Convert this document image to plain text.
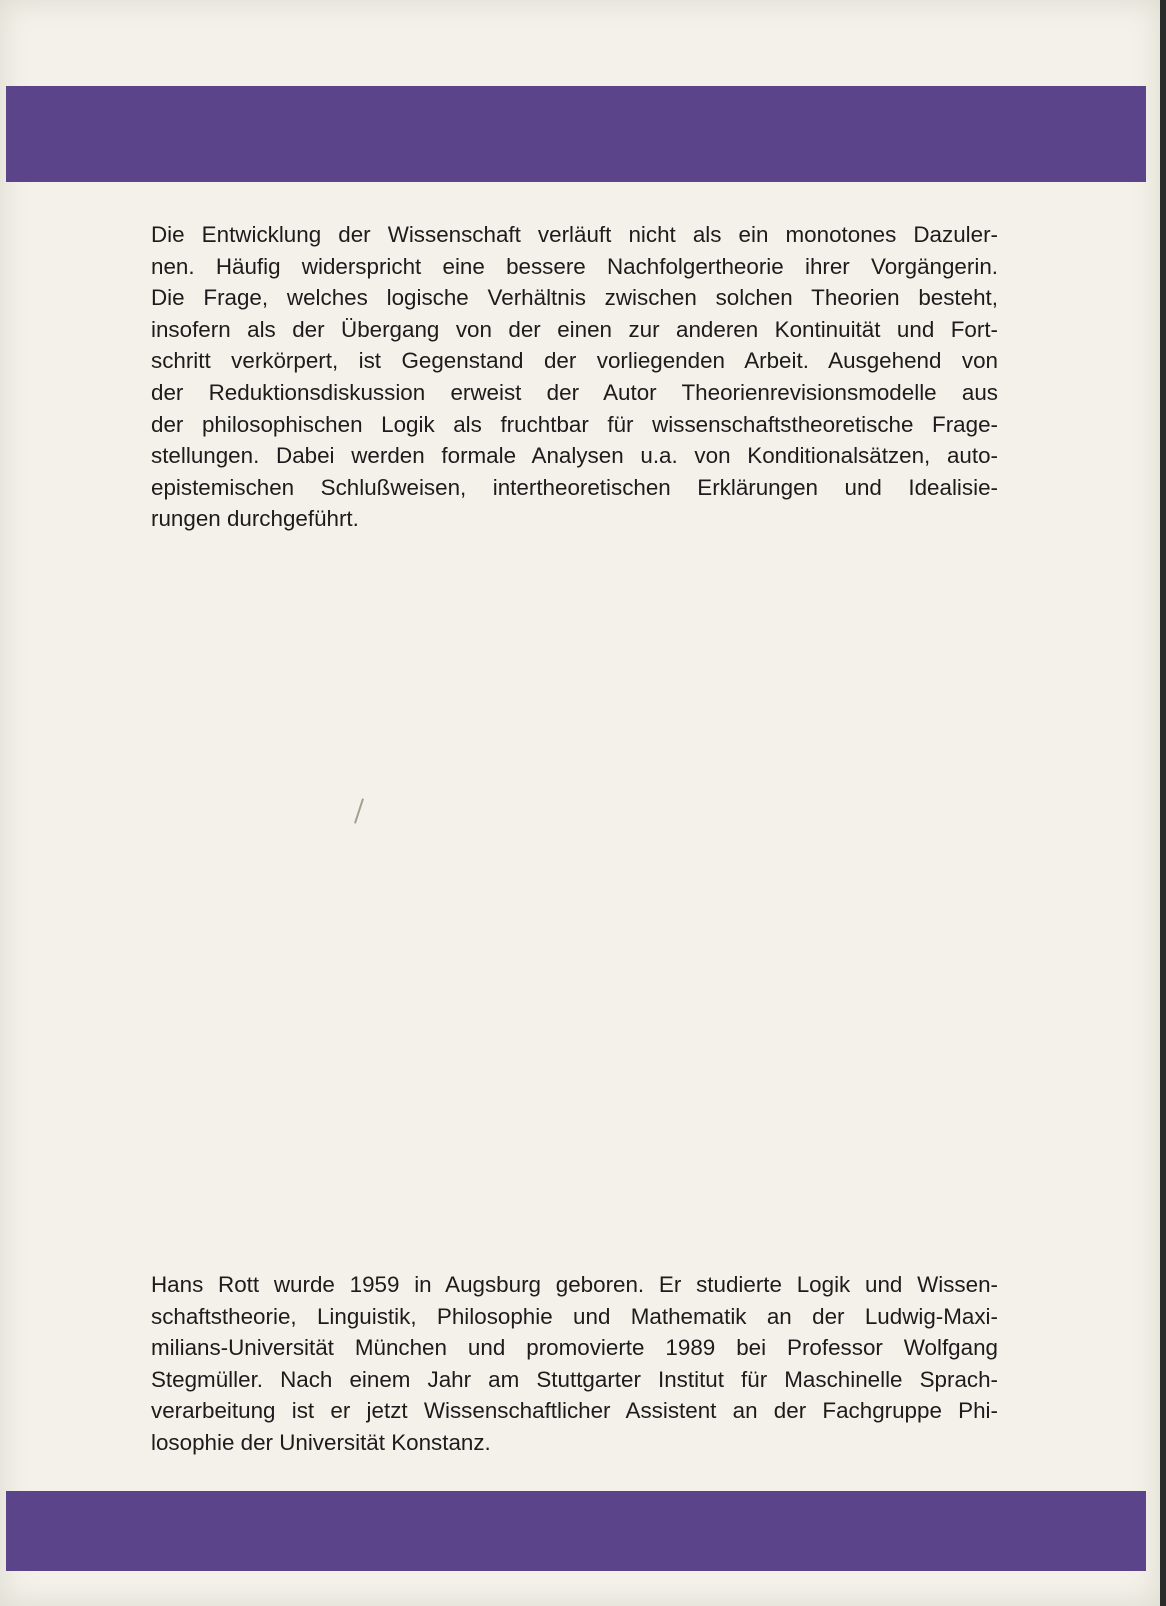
Die Entwicklung der Wissenschaft verläuft nicht als ein monotones Dazuler-
nen. Häufig widerspricht eine bessere Nachfolgertheorie ihrer Vorgängerin.
Die Frage, welches logische Verhältnis zwischen solchen Theorien besteht,
insofern als der Übergang von der einen zur anderen Kontinuität und Fort-
schritt verkörpert, ist Gegenstand der vorliegenden Arbeit. Ausgehend von
der Reduktionsdiskussion erweist der Autor Theorienrevisionsmodelle aus
der philosophischen Logik als fruchtbar für wissenschaftstheoretische Frage-
stellungen. Dabei werden formale Analysen u.a. von Konditionalsätzen, auto-
epistemischen Schlußweisen, intertheoretischen Erklärungen und Idealisie-
rungen durchgeführt.
Hans Rott wurde 1959 in Augsburg geboren. Er studierte Logik und Wissen-
schaftstheorie, Linguistik, Philosophie und Mathematik an der Ludwig-Maxi-
milians-Universität München und promovierte 1989 bei Professor Wolfgang
Stegmüller. Nach einem Jahr am Stuttgarter Institut für Maschinelle Sprach-
verarbeitung ist er jetzt Wissenschaftlicher Assistent an der Fachgruppe Phi-
losophie der Universität Konstanz.
